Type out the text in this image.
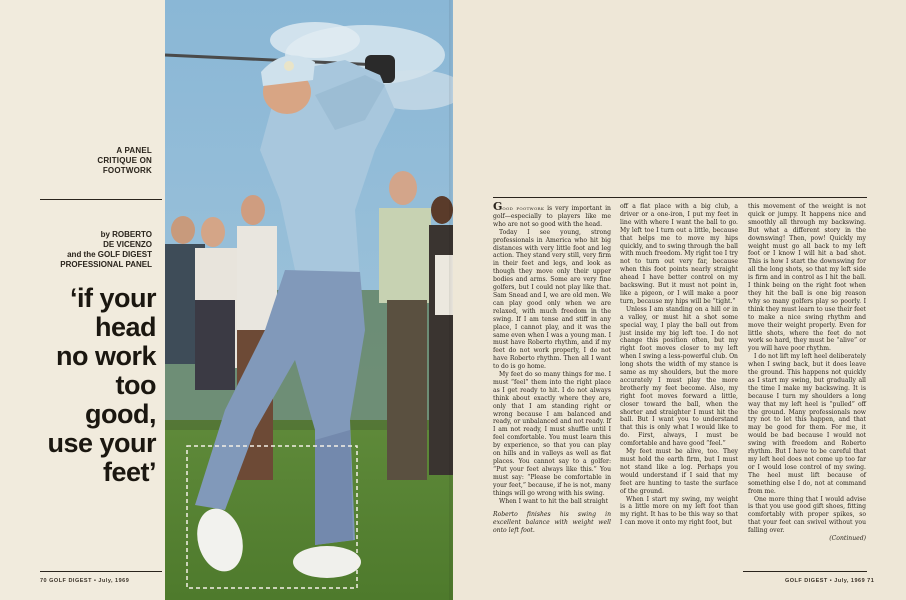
A PANEL
CRITIQUE ON
FOOTWORK
by ROBERTO
DE VICENZO
and the GOLF DIGEST
PROFESSIONAL PANEL
‘if your
head
no work
too
good,
use your
feet’
70 GOLF DIGEST • July, 1969

Good footwork is very important in golf—especially to players like me who are not so good with the head.

Today I see young, strong professionals in America who hit big distances with very little foot and leg action. They stand very still, very firm in their feet and legs, and look as though they move only their upper bodies and arms. Some are very fine golfers, but I could not play like that. Sam Snead and I, we are old men. We can play good only when we are relaxed, with much freedom in the swing. If I am tense and stiff in any place, I cannot play, and it was the same even when I was a young man. I must have Roberto rhythm, and if my feet do not work properly, I do not have Roberto rhythm. Then all I want to do is go home.

My feet do so many things for me. I must “feel” them into the right place as I get ready to hit. I do not always think about exactly where they are, only that I am standing right or wrong because I am balanced and ready, or unbalanced and not ready. If I am not ready, I must shuffle until I feel comfortable. You must learn this by experience, so that you can play on hills and in valleys as well as flat places. You cannot say to a golfer: “Put your feet always like this.” You must say: “Please be comfortable in your feet,” because, if he is not, many things will go wrong with his swing.

When I want to hit the ball straight

Roberto finishes his swing in excellent balance with weight well onto left foot.

off a flat place with a big club, a driver or a one-iron, I put my feet in line with where I want the ball to go. My left toe I turn out a little, because that helps me to move my hips quickly, and to swing through the ball with much freedom. My right toe I try not to turn out very far, because when this foot points nearly straight ahead I have better control on my backswing. But it must not point in, like a pigeon, or I will make a poor turn, because my hips will be “tight.”

Unless I am standing on a hill or in a valley, or must hit a shot some special way, I play the ball out from just inside my big left toe. I do not change this position often, but my right foot moves closer to my left when I swing a less-powerful club. On long shots the width of my stance is same as my shoulders, but the more accurately I must play the more brotherly my feet become. Also, my right foot moves forward a little, closer toward the ball, when the shorter and straighter I must hit the ball. But I want you to understand that this is only what I would like to do. First, always, I must be comfortable and have good “feel.”

My feet must be alive, too. They must hold the earth firm, but I must not stand like a log. Perhaps you would understand if I said that my feet are hunting to taste the surface of the ground.

When I start my swing, my weight is a little more on my left foot than my right. It has to be this way so that I can move it onto my right foot, but

this movement of the weight is not quick or jumpy. It happens nice and smoothly all through my backswing. But what a different story in the downswing! Then, pow! Quickly my weight must go all back to my left foot or I know I will hit a bad shot. This is how I start the downswing for all the long shots, so that my left side is firm and in control as I hit the ball. I think being on the right foot when they hit the ball is one big reason why so many golfers play so poorly. I think they must learn to use their feet to make a nice swing rhythm and move their weight properly. Even for little shots, where the feet do not work so hard, they must be “alive” or you will have poor rhythm.

I do not lift my left heel deliberately when I swing back, but it does leave the ground. This happens not quickly as I start my swing, but gradually all the time I make my backswing. It is because I turn my shoulders a long way that my left heel is “pulled” off the ground. Many professionals now try not to let this happen, and that may be good for them. For me, it would be bad because I would not swing with freedom and Roberto rhythm. But I have to be careful that my left heel does not come up too far or I would lose control of my swing. The heel must lift because of something else I do, not at command from me.

One more thing that I would advise is that you use good gift shoes, fitting comfortably with proper spikes, so that your feet can swivel without you falling over.

(Continued)

GOLF DIGEST • July, 1969 71
